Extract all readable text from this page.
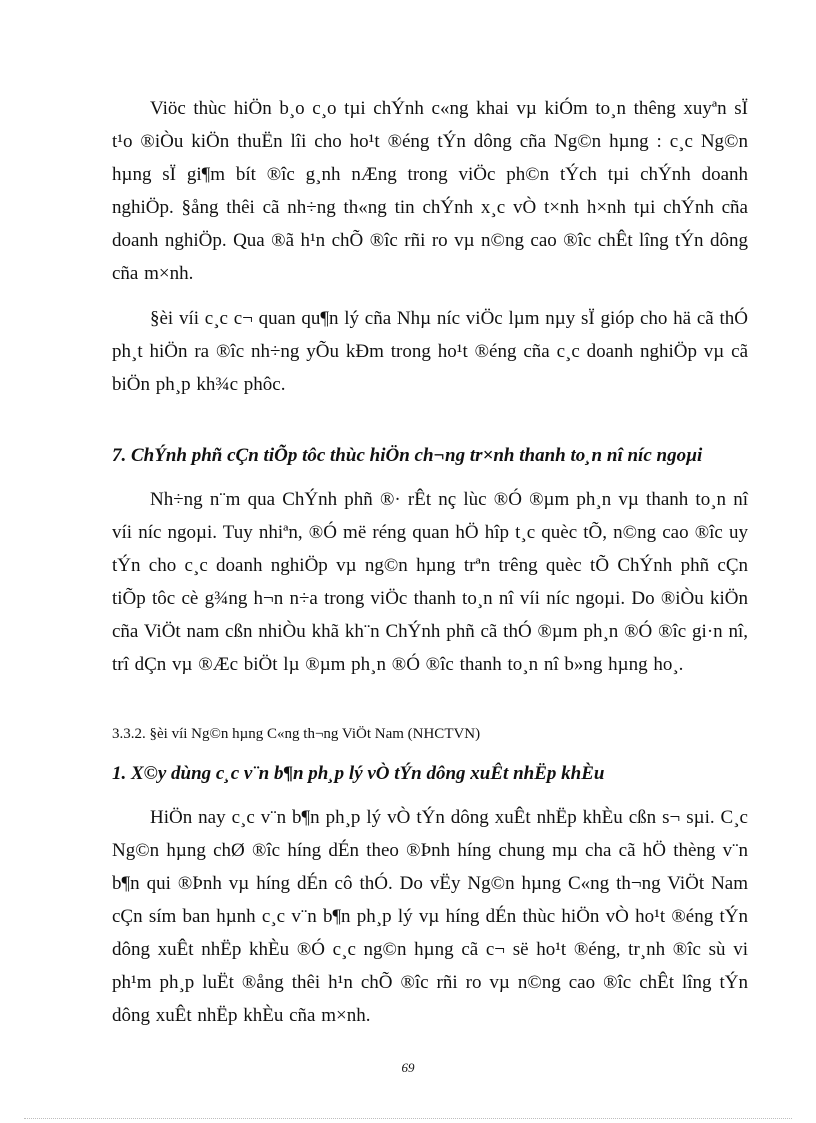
Viöc thùc hiÖn b¸o c¸o tµi chÝnh c«ng khai vµ kiÓm to¸n thêng xuyªn sÏ t¹o ®iÒu kiÖn thuËn lîi cho ho¹t ®éng tÝn dông cña Ng©n hµng : c¸c Ng©n hµng sÏ gi¶m bít ®îc g¸nh nÆng trong viÖc ph©n tÝch tµi chÝnh doanh nghiÖp. §ång thêi cã nh÷ng th«ng tin chÝnh x¸c vÒ t×nh h×nh tµi chÝnh cña doanh nghiÖp. Qua ®ã h¹n chÕ ®îc rñi ro vµ n©ng cao ®îc chÊt lîng tÝn dông cña m×nh.

§èi víi c¸c c¬ quan qu¶n lý cña Nhµ níc viÖc lµm nµy sÏ gióp cho hä cã thÓ ph¸t hiÖn ra ®îc nh÷ng yÕu kÐm trong ho¹t ®éng cña c¸c doanh nghiÖp vµ cã biÖn ph¸p kh¾c phôc.

7. ChÝnh phñ cÇn tiÕp tôc thùc hiÖn ch¬ng tr×nh thanh to¸n nî níc ngoµi

Nh÷ng n¨m qua ChÝnh phñ ®· rÊt nç lùc ®Ó ®µm ph¸n vµ thanh to¸n nî víi níc ngoµi. Tuy nhiªn, ®Ó më réng quan hÖ hîp t¸c quèc tÕ, n©ng cao ®îc uy tÝn cho c¸c doanh nghiÖp vµ ng©n hµng trªn trêng quèc tÕ ChÝnh phñ cÇn tiÕp tôc cè g¾ng h¬n n÷a trong viÖc thanh to¸n nî víi níc ngoµi. Do ®iÒu kiÖn cña ViÖt nam cßn nhiÒu khã kh¨n ChÝnh phñ cã thÓ ®µm ph¸n ®Ó ®îc gi·n nî, trî dÇn vµ ®Æc biÖt lµ ®µm ph¸n ®Ó ®îc thanh to¸n nî b»ng hµng ho¸.

3.3.2. §èi víi Ng©n hµng C«ng th¬ng ViÖt Nam (NHCTVN)
1. X©y dùng c¸c v¨n b¶n ph¸p lý vÒ tÝn dông xuÊt nhËp khÈu

HiÖn nay c¸c v¨n b¶n ph¸p lý vÒ tÝn dông xuÊt nhËp khÈu cßn s¬ sµi. C¸c Ng©n hµng chØ ®îc híng dÉn theo ®Þnh híng chung mµ cha cã hÖ thèng v¨n b¶n qui ®Þnh vµ híng dÉn cô thÓ. Do vËy Ng©n hµng C«ng th¬ng ViÖt Nam cÇn sím ban hµnh c¸c v¨n b¶n ph¸p lý vµ híng dÉn thùc hiÖn vÒ ho¹t ®éng tÝn dông xuÊt nhËp khÈu ®Ó c¸c ng©n hµng cã c¬ së ho¹t ®éng, tr¸nh ®îc sù vi ph¹m ph¸p luËt ®ång thêi h¹n chÕ ®îc rñi ro vµ n©ng cao ®îc chÊt lîng tÝn dông xuÊt nhËp khÈu cña m×nh.

69
